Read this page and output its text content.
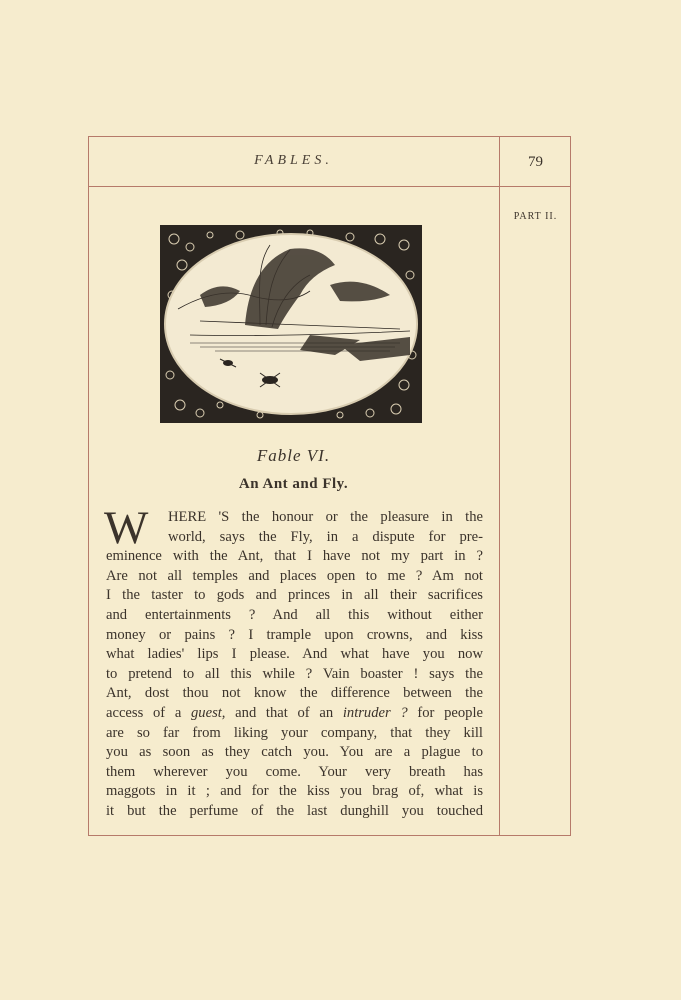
FABLES.	79
PART II.
Fable VI.
An Ant and Fly.
W	HERE 'S the honour or the pleasure in the
world, says the Fly, in a dispute for pre-
eminence with the Ant, that I have not my part in ?
Are not all temples and places open to me ? Am not
I the taster to gods and princes in all their sacrifices
and entertainments ? And all this without either
money or pains ? I trample upon crowns, and kiss
what ladies' lips I please. And what have you now
to pretend to all this while ? Vain boaster ! says the
Ant, dost thou not know the difference between the
access of a guest, and that of an intruder ? for people
are so far from liking your company, that they kill
you as soon as they catch you. You are a plague to
them wherever you come. Your very breath has
maggots in it ; and for the kiss you brag of, what is
it but the perfume of the last dunghill you touched
